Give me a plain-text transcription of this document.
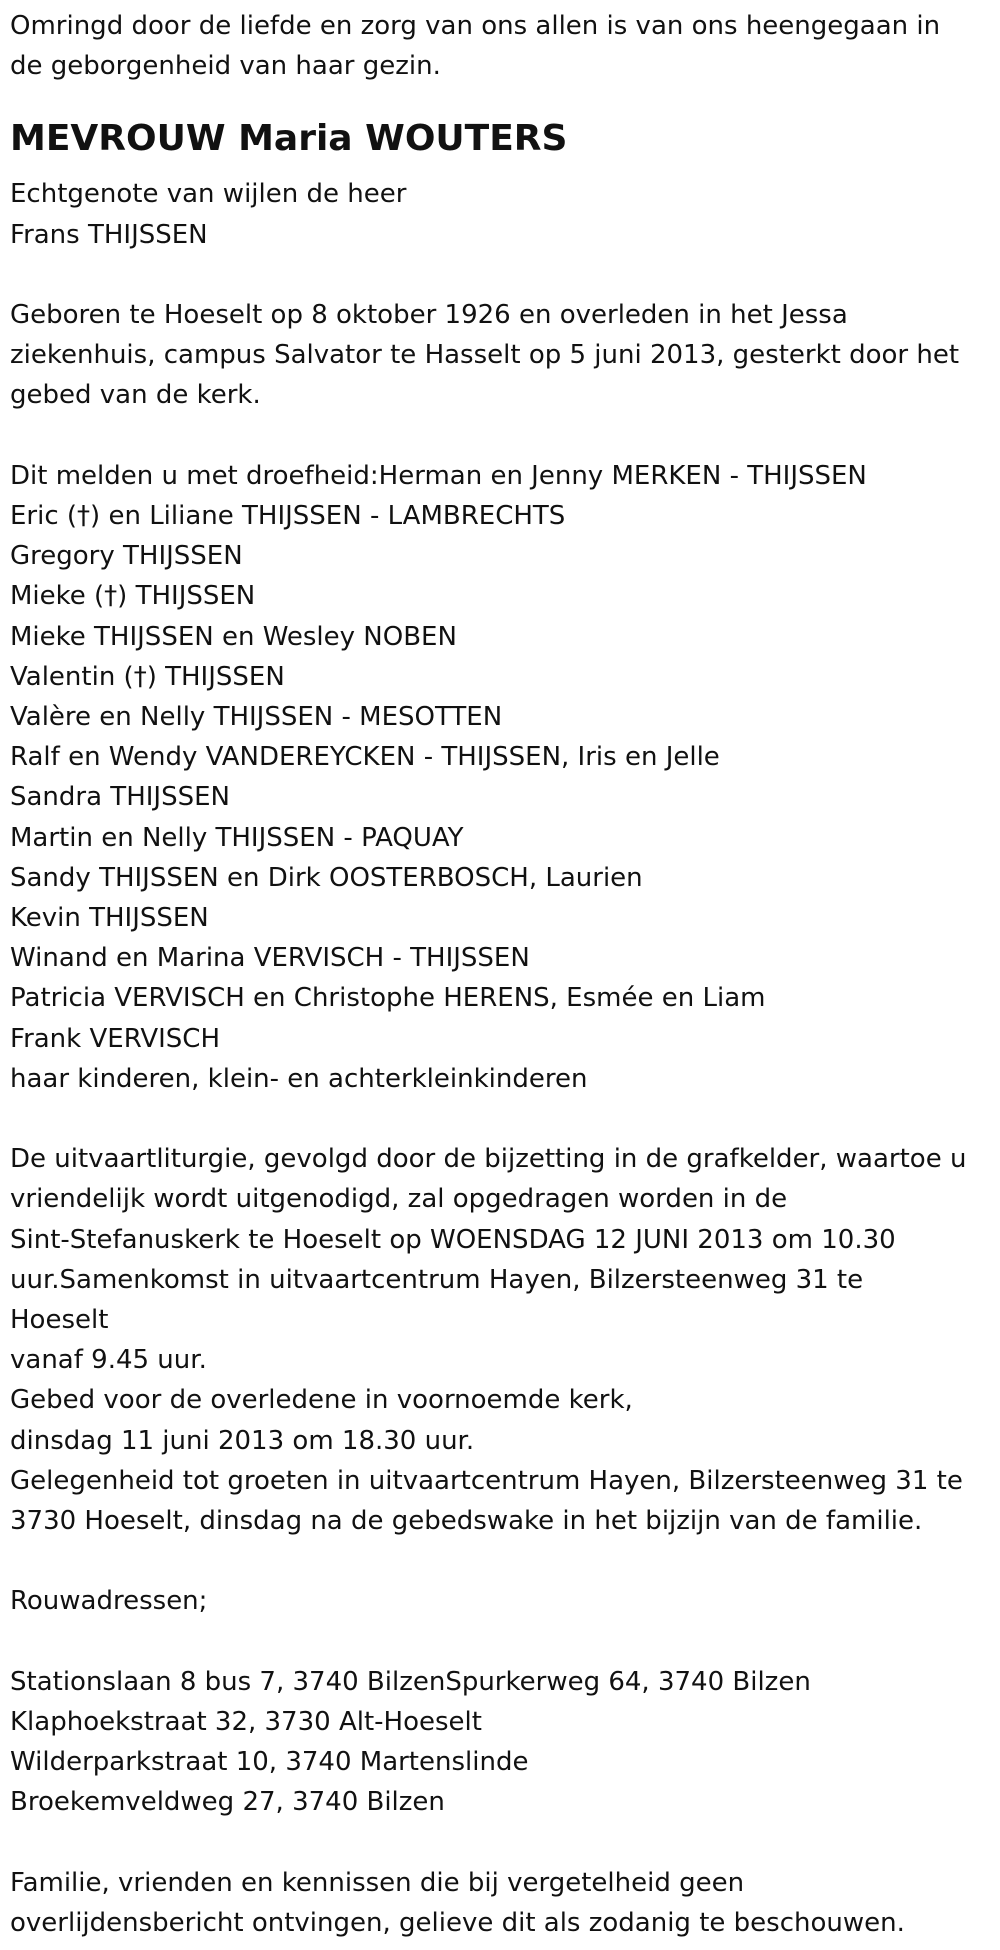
Omringd door de liefde en zorg van ons allen is van ons heengegaan in

de geborgenheid van haar gezin.

MEVROUW Maria WOUTERS

Echtgenote van wijlen de heer

Frans THIJSSEN

Geboren te Hoeselt op 8 oktober 1926 en overleden in het Jessa

ziekenhuis, campus Salvator te Hasselt op 5 juni 2013, gesterkt door het

gebed van de kerk.

Dit melden u met droefheid:Herman en Jenny MERKEN - THIJSSEN

Eric (†) en Liliane THIJSSEN - LAMBRECHTS

Gregory THIJSSEN

Mieke (†) THIJSSEN

Mieke THIJSSEN en Wesley NOBEN

Valentin (†) THIJSSEN

Valère en Nelly THIJSSEN - MESOTTEN

Ralf en Wendy VANDEREYCKEN - THIJSSEN, Iris en Jelle

Sandra THIJSSEN

Martin en Nelly THIJSSEN - PAQUAY

Sandy THIJSSEN en Dirk OOSTERBOSCH, Laurien

Kevin THIJSSEN

Winand en Marina VERVISCH - THIJSSEN

Patricia VERVISCH en Christophe HERENS, Esmée en Liam

Frank VERVISCH

haar kinderen, klein- en achterkleinkinderen

De uitvaartliturgie, gevolgd door de bijzetting in de grafkelder, waartoe u

vriendelijk wordt uitgenodigd, zal opgedragen worden in de

Sint-Stefanuskerk te Hoeselt op WOENSDAG 12 JUNI 2013 om 10.30

uur.Samenkomst in uitvaartcentrum Hayen, Bilzersteenweg 31 te

Hoeselt

vanaf 9.45 uur.

Gebed voor de overledene in voornoemde kerk,

dinsdag 11 juni 2013 om 18.30 uur.

Gelegenheid tot groeten in uitvaartcentrum Hayen, Bilzersteenweg 31 te

3730 Hoeselt, dinsdag na de gebedswake in het bijzijn van de familie.

Rouwadressen;

Stationslaan 8 bus 7, 3740 BilzenSpurkerweg 64, 3740 Bilzen

Klaphoekstraat 32, 3730 Alt-Hoeselt

Wilderparkstraat 10, 3740 Martenslinde

Broekemveldweg 27, 3740 Bilzen

Familie, vrienden en kennissen die bij vergetelheid geen

overlijdensbericht ontvingen, gelieve dit als zodanig te beschouwen.
